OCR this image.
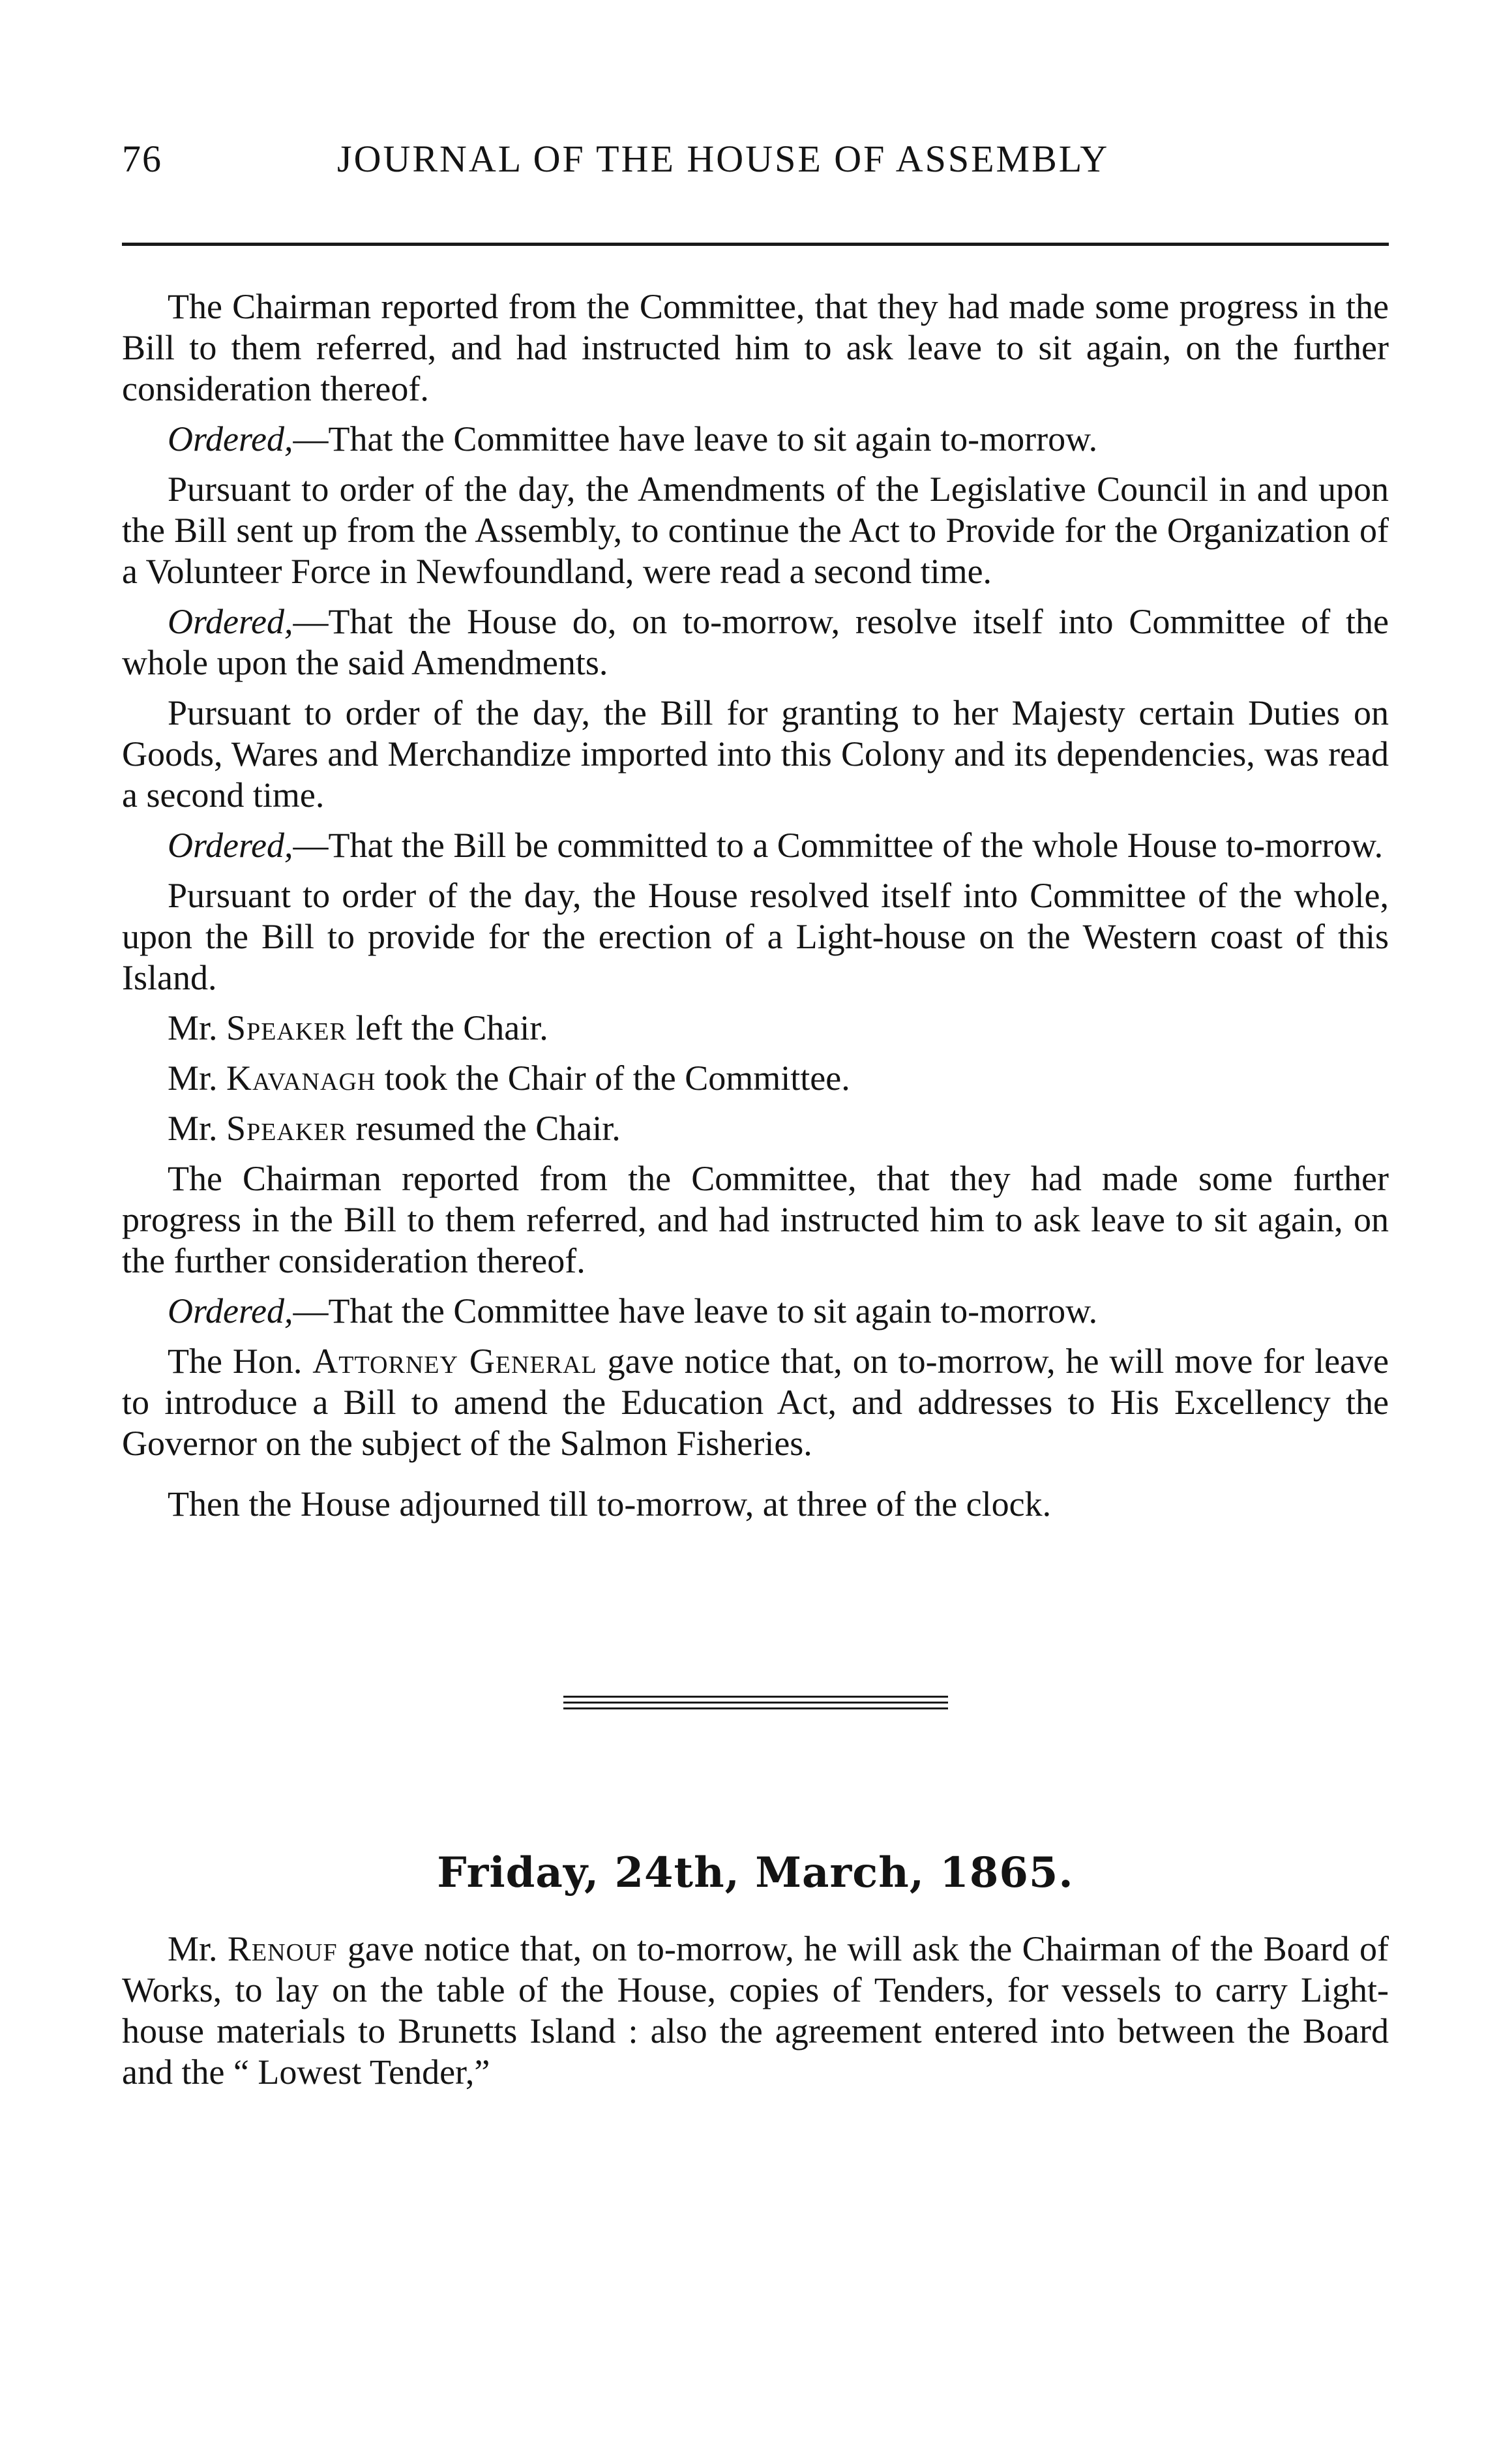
76	JOURNAL OF THE HOUSE OF ASSEMBLY

The Chairman reported from the Committee, that they had made some progress in the Bill to them referred, and had instructed him to ask leave to sit again, on the further consideration thereof.

Ordered,—That the Committee have leave to sit again to-morrow.

Pursuant to order of the day, the Amendments of the Legislative Council in and upon the Bill sent up from the Assembly, to continue the Act to Provide for the Organization of a Volunteer Force in Newfoundland, were read a second time.

Ordered,—That the House do, on to-morrow, resolve itself into Committee of the whole upon the said Amendments.

Pursuant to order of the day, the Bill for granting to her Majesty certain Duties on Goods, Wares and Merchandize imported into this Colony and its dependencies, was read a second time.

Ordered,—That the Bill be committed to a Committee of the whole House to-morrow.

Pursuant to order of the day, the House resolved itself into Committee of the whole, upon the Bill to provide for the erection of a Light-house on the Western coast of this Island.

Mr. Speaker left the Chair.

Mr. Kavanagh took the Chair of the Committee.

Mr. Speaker resumed the Chair.

The Chairman reported from the Committee, that they had made some further progress in the Bill to them referred, and had instructed him to ask leave to sit again, on the further consideration thereof.

Ordered,—That the Committee have leave to sit again to-morrow.

The Hon. Attorney General gave notice that, on to-morrow, he will move for leave to introduce a Bill to amend the Education Act, and addresses to His Excellency the Governor on the subject of the Salmon Fisheries.

Then the House adjourned till to-morrow, at three of the clock.

Friday, 24th, March, 1865.

Mr. Renouf gave notice that, on to-morrow, he will ask the Chairman of the Board of Works, to lay on the table of the House, copies of Tenders, for vessels to carry Light-house materials to Brunetts Island : also the agreement entered into between the Board and the “ Lowest Tender,”
